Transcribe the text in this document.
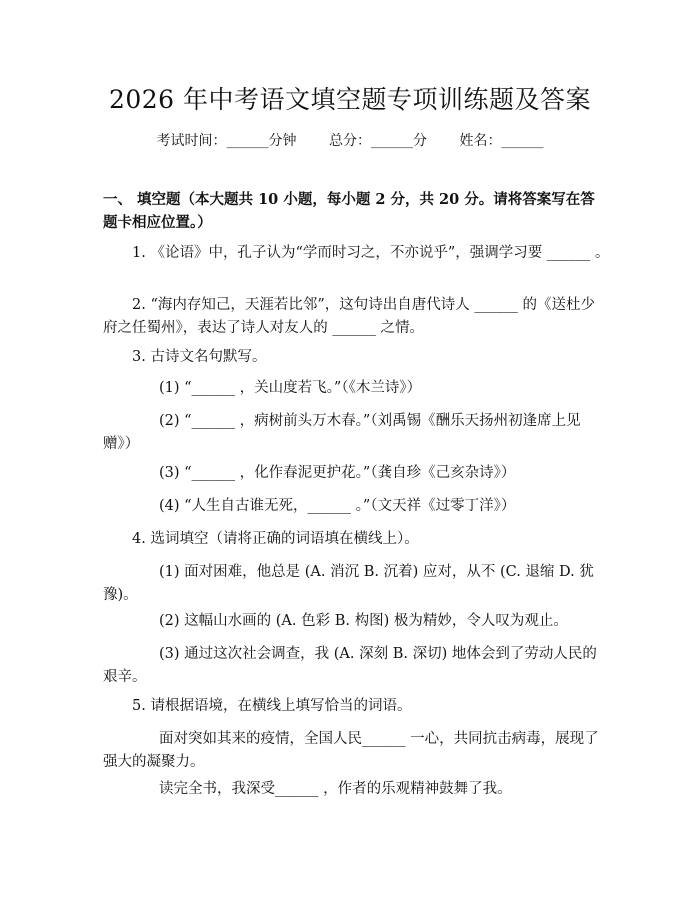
2026 年中考语文填空题专项训练题及答案
考试时间：______分钟 总分：______分 姓名：______

一、 填空题（本大题共 10 小题，每小题 2 分，共 20 分。请将答案写在答题卡相应位置。）

1. 《论语》中，孔子认为“学而时习之，不亦说乎”，强调学习要 ______ 。

2. “海内存知己，天涯若比邻”，这句诗出自唐代诗人 ______ 的《送杜少府之任蜀州》，表达了诗人对友人的 ______ 之情。

3. 古诗文名句默写。

(1) “______ ，关山度若飞。”（《木兰诗》）

(2) “______ ，病树前头万木春。”（刘禹锡《酬乐天扬州初逢席上见赠》）

(3) “______ ，化作春泥更护花。”（龚自珍《己亥杂诗》）

(4) “人生自古谁无死，______ 。”（文天祥《过零丁洋》）

4. 选词填空（请将正确的词语填在横线上）。

(1) 面对困难，他总是 (A. 消沉 B. 沉着) 应对，从不 (C. 退缩 D. 犹豫)。

(2) 这幅山水画的 (A. 色彩 B. 构图) 极为精妙，令人叹为观止。

(3) 通过这次社会调查，我 (A. 深刻 B. 深切) 地体会到了劳动人民的艰辛。

5. 请根据语境，在横线上填写恰当的词语。

面对突如其来的疫情，全国人民______ 一心，共同抗击病毒，展现了强大的凝聚力。

读完全书，我深受______ ，作者的乐观精神鼓舞了我。
